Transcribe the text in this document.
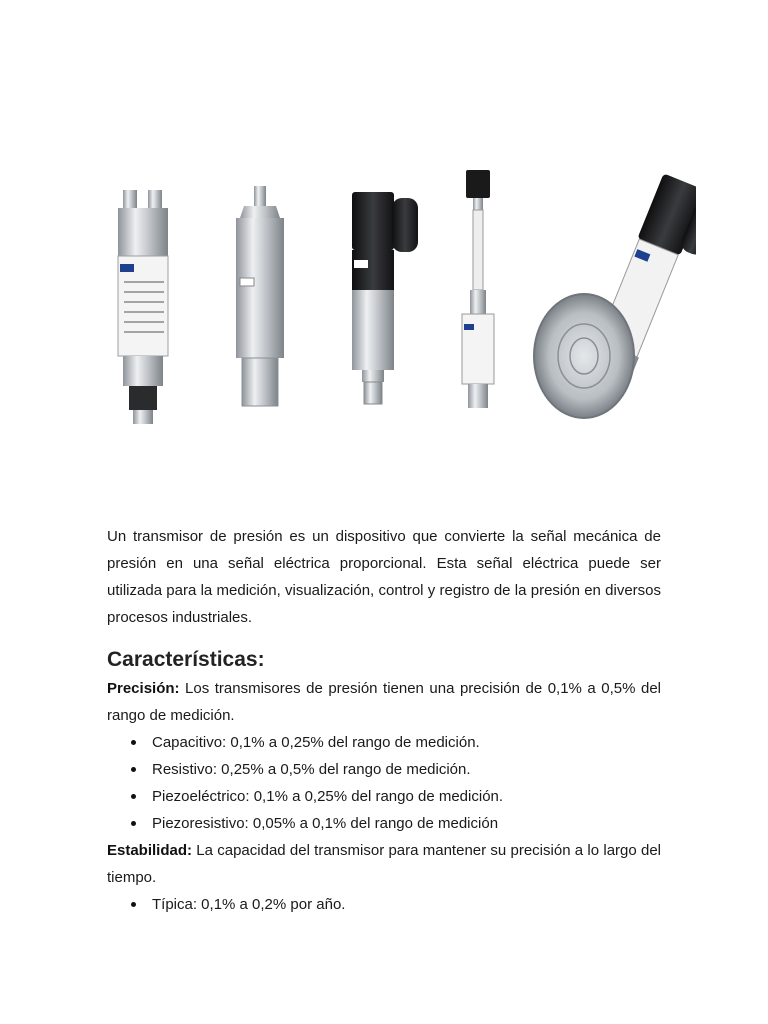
Un transmisor de presión es un dispositivo que convierte la señal mecánica de presión en una señal eléctrica proporcional. Esta señal eléctrica puede ser utilizada para la medición, visualización, control y registro de la presión en diversos procesos industriales.

Características:

Precisión: Los transmisores de presión tienen una precisión de 0,1% a 0,5% del rango de medición.

Capacitivo: 0,1% a 0,25% del rango de medición.
Resistivo: 0,25% a 0,5% del rango de medición.
Piezoeléctrico: 0,1% a 0,25% del rango de medición.
Piezoresistivo: 0,05% a 0,1% del rango de medición

Estabilidad: La capacidad del transmisor para mantener su precisión a lo largo del tiempo.

Típica: 0,1% a 0,2% por año.
